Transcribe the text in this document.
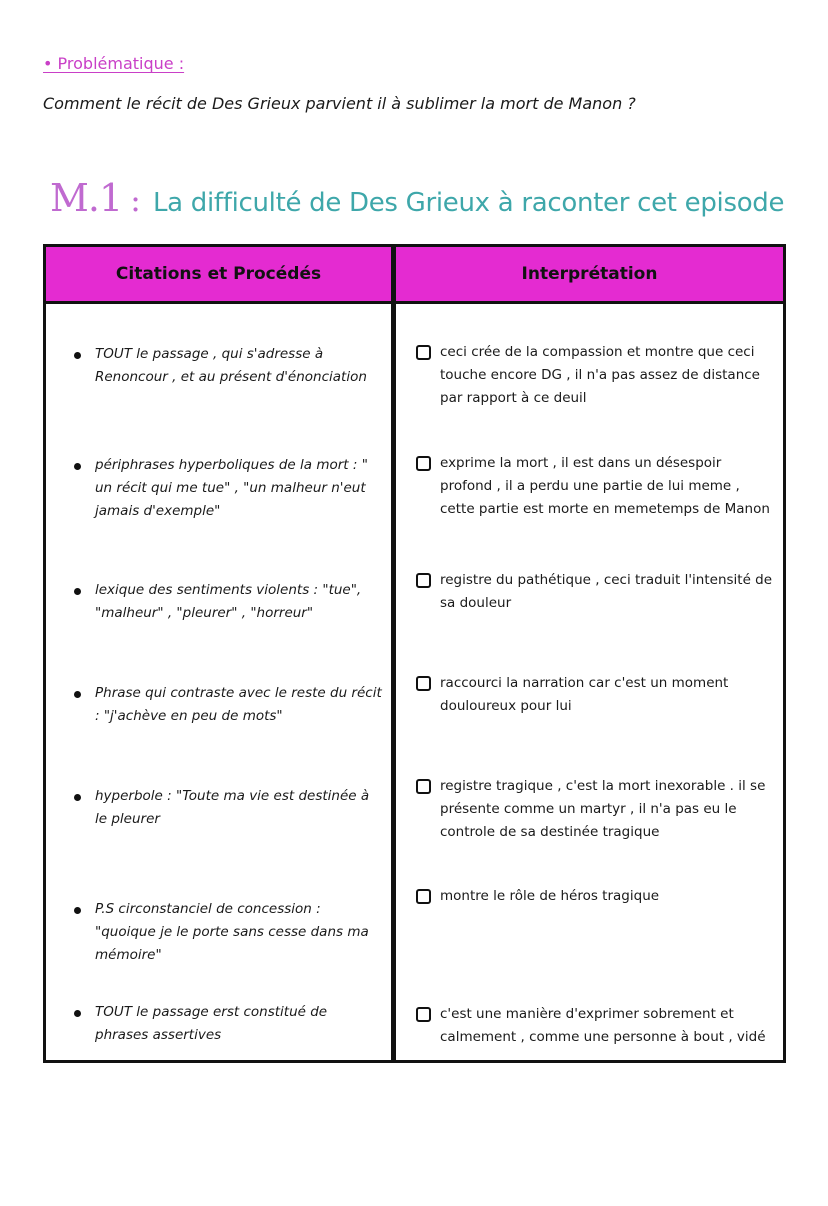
• Problématique :
Comment le récit de Des Grieux parvient il à sublimer la mort de Manon ?
M.1 : La difficulté de Des Grieux à raconter cet episode
Citations et Procédés	Interprétation
TOUT le passage , qui s'adresse à Renoncour , et au présent d'énonciation
ceci crée de la compassion et montre que ceci touche encore DG , il n'a pas assez de distance par rapport à ce deuil
périphrases hyperboliques de la mort : " un récit qui me tue" , "un malheur n'eut jamais d'exemple"
exprime la mort , il est dans un désespoir profond , il a perdu une partie de lui meme , cette partie est morte en memetemps de Manon
lexique des sentiments violents : "tue", "malheur" , "pleurer" , "horreur"
registre du pathétique , ceci traduit l'intensité de sa douleur
Phrase qui contraste avec le reste du récit : "j'achève en peu de mots"
raccourci la narration car c'est un moment douloureux pour lui
hyperbole : "Toute ma vie est destinée à le pleurer
registre tragique , c'est la mort inexorable . il se présente comme un martyr , il n'a pas eu le controle de sa destinée tragique
P.S circonstanciel de concession : "quoique je le porte sans cesse dans ma mémoire"
montre le rôle de héros tragique
TOUT le passage erst constitué de phrases assertives
c'est une manière d'exprimer sobrement et calmement , comme une personne à bout , vidé
